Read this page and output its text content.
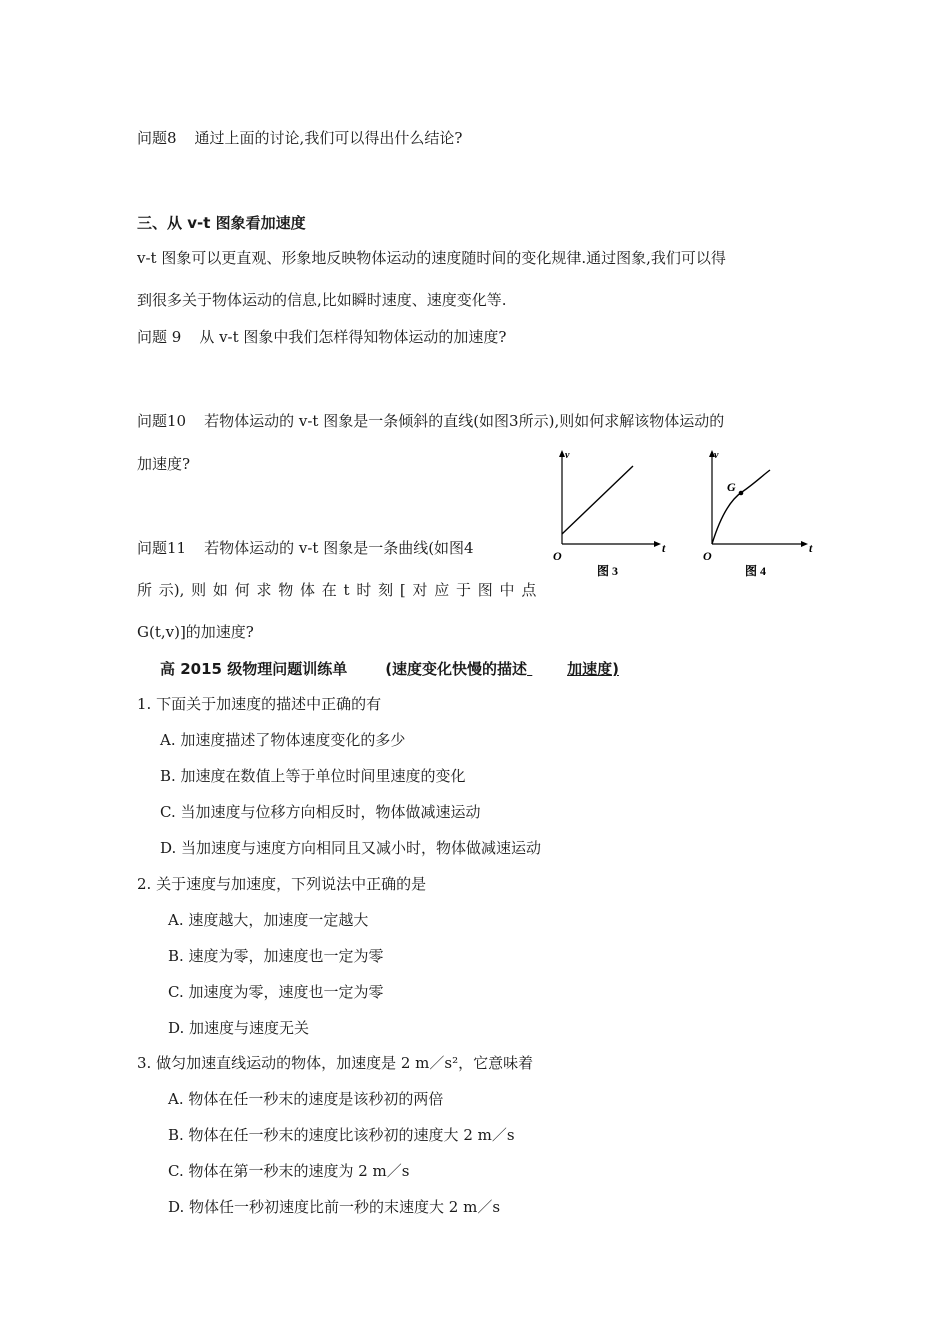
问题8 通过上面的讨论,我们可以得出什么结论?
三、从 v-t 图象看加速度
v-t 图象可以更直观、形象地反映物体运动的速度随时间的变化规律.通过图象,我们可以得
到很多关于物体运动的信息,比如瞬时速度、速度变化等.
问题 9 从 v-t 图象中我们怎样得知物体运动的加速度?
问题10 若物体运动的 v-t 图象是一条倾斜的直线(如图3所示),则如何求解该物体运动的
加速度?
问题11 若物体运动的 v-t 图象是一条曲线(如图4
所 示), 则 如 何 求 物 体 在 t 时 刻 [ 对 应 于 图 中 点
G(t,v)]的加速度?
v
t
O
图 3
v
G
t
O
图 4
高 2015 级物理问题训练单	(速度变化快慢的描述	加速度)
1. 下面关于加速度的描述中正确的有
A. 加速度描述了物体速度变化的多少
B. 加速度在数值上等于单位时间里速度的变化
C. 当加速度与位移方向相反时，物体做减速运动
D. 当加速度与速度方向相同且又减小时，物体做减速运动
2. 关于速度与加速度，下列说法中正确的是
A. 速度越大，加速度一定越大
B. 速度为零，加速度也一定为零
C. 加速度为零，速度也一定为零
D. 加速度与速度无关
3. 做匀加速直线运动的物体，加速度是 2 m／s²，它意味着
A. 物体在任一秒末的速度是该秒初的两倍
B. 物体在任一秒末的速度比该秒初的速度大 2 m／s
C. 物体在第一秒末的速度为 2 m／s
D. 物体任一秒初速度比前一秒的末速度大 2 m／s
